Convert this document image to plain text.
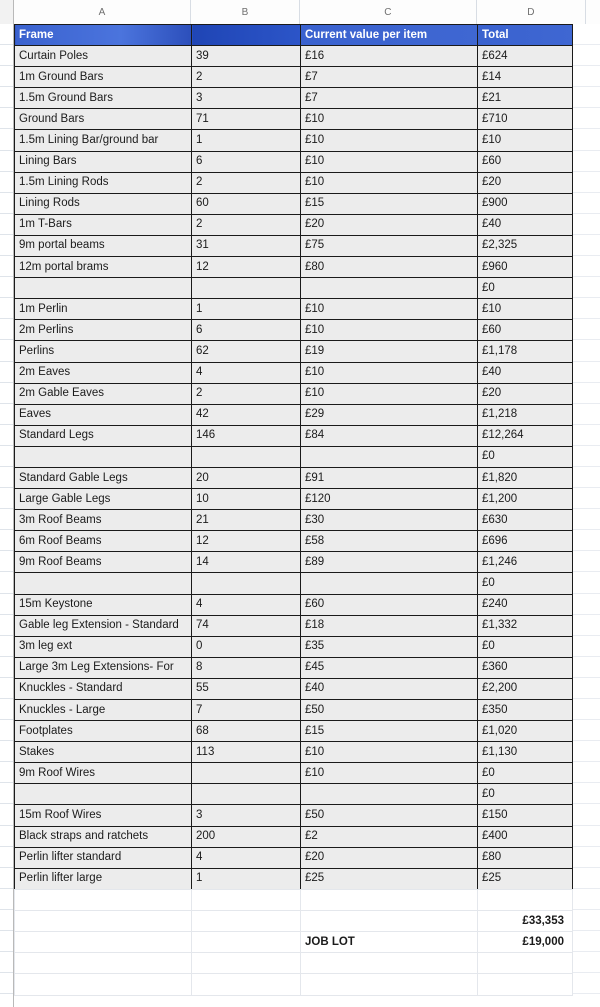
A	B	C	D
Frame		Current value per item	Total
Curtain Poles	39	£16	£624
1m Ground Bars	2	£7	£14
1.5m Ground Bars	3	£7	£21
Ground Bars	71	£10	£710
1.5m Lining Bar/ground bar	1	£10	£10
Lining Bars	6	£10	£60
1.5m Lining Rods	2	£10	£20
Lining Rods	60	£15	£900
1m T-Bars	2	£20	£40
9m portal beams	31	£75	£2,325
12m portal brams	12	£80	£960
			£0
1m Perlin	1	£10	£10
2m Perlins	6	£10	£60
Perlins	62	£19	£1,178
2m Eaves	4	£10	£40
2m Gable Eaves	2	£10	£20
Eaves	42	£29	£1,218
Standard Legs	146	£84	£12,264
			£0
Standard Gable Legs	20	£91	£1,820
Large Gable Legs	10	£120	£1,200
3m Roof Beams	21	£30	£630
6m Roof Beams	12	£58	£696
9m Roof Beams	14	£89	£1,246
			£0
15m Keystone	4	£60	£240
Gable leg Extension - Standard	74	£18	£1,332
3m leg ext	0	£35	£0
Large 3m Leg Extensions- For	8	£45	£360
Knuckles - Standard	55	£40	£2,200
Knuckles - Large	7	£50	£350
Footplates	68	£15	£1,020
Stakes	113	£10	£1,130
9m Roof Wires		£10	£0
			£0
15m Roof Wires	3	£50	£150
Black straps and ratchets	200	£2	£400
Perlin lifter standard	4	£20	£80
Perlin lifter large	1	£25	£25

			£33,353
		JOB LOT	£19,000
